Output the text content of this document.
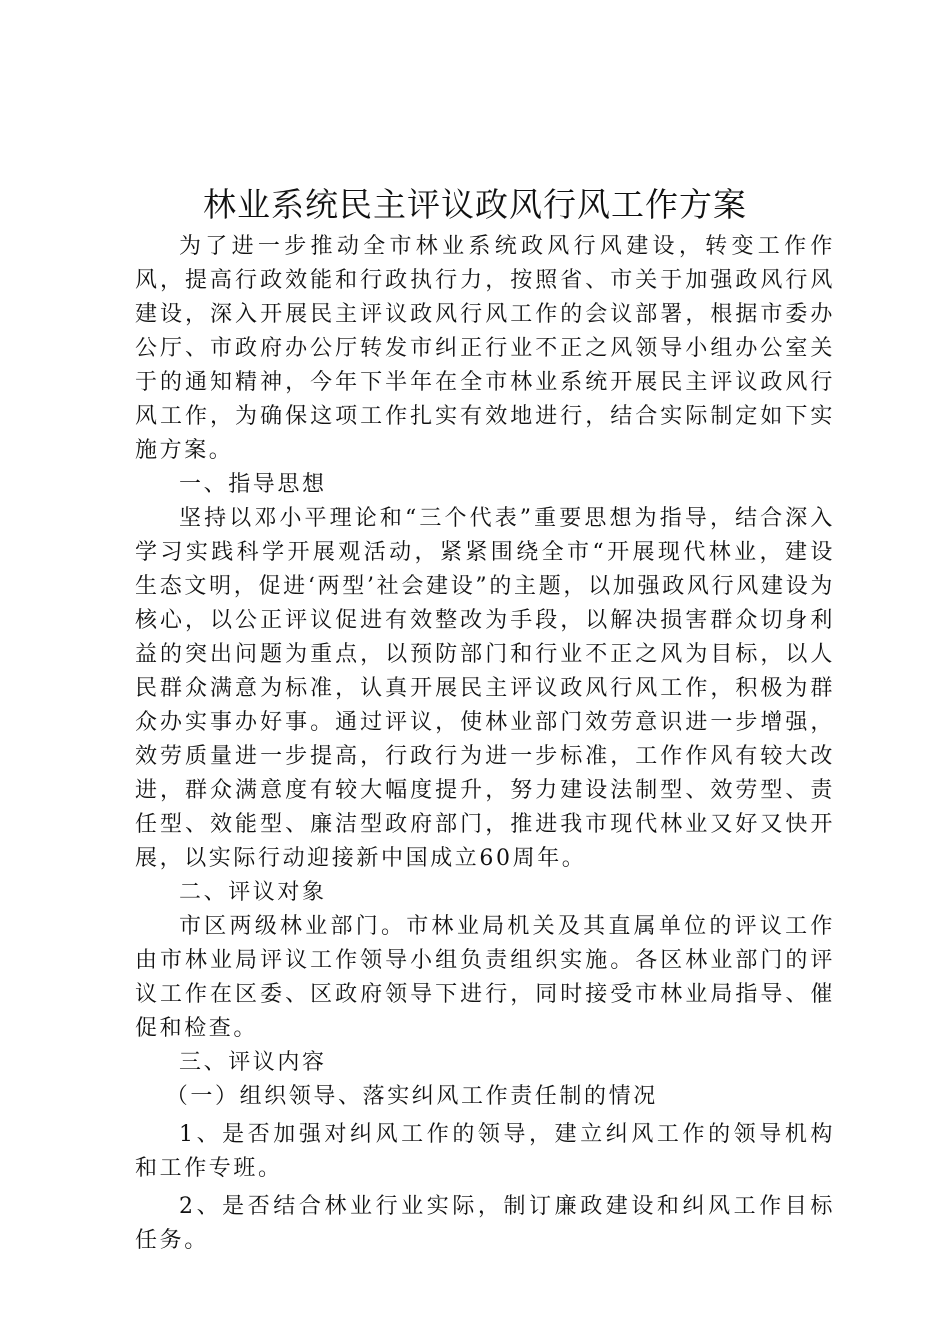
林业系统民主评议政风行风工作方案

为了进一步推动全市林业系统政风行风建设，转变工作作风，提高行政效能和行政执行力，按照省、市关于加强政风行风建设，深入开展民主评议政风行风工作的会议部署，根据市委办公厅、市政府办公厅转发市纠正行业不正之风领导小组办公室关于的通知精神，今年下半年在全市林业系统开展民主评议政风行风工作，为确保这项工作扎实有效地进行，结合实际制定如下实施方案。

一、指导思想

坚持以邓小平理论和“三个代表”重要思想为指导，结合深入学习实践科学开展观活动，紧紧围绕全市“开展现代林业，建设生态文明，促进‘两型’社会建设”的主题，以加强政风行风建设为核心，以公正评议促进有效整改为手段，以解决损害群众切身利益的突出问题为重点，以预防部门和行业不正之风为目标，以人民群众满意为标准，认真开展民主评议政风行风工作，积极为群众办实事办好事。通过评议，使林业部门效劳意识进一步增强，效劳质量进一步提高，行政行为进一步标准，工作作风有较大改进，群众满意度有较大幅度提升，努力建设法制型、效劳型、责任型、效能型、廉洁型政府部门，推进我市现代林业又好又快开展，以实际行动迎接新中国成立60周年。

二、评议对象

市区两级林业部门。市林业局机关及其直属单位的评议工作由市林业局评议工作领导小组负责组织实施。各区林业部门的评议工作在区委、区政府领导下进行，同时接受市林业局指导、催促和检查。

三、评议内容

（一）组织领导、落实纠风工作责任制的情况

1、是否加强对纠风工作的领导，建立纠风工作的领导机构和工作专班。

2、是否结合林业行业实际，制订廉政建设和纠风工作目标任务。
